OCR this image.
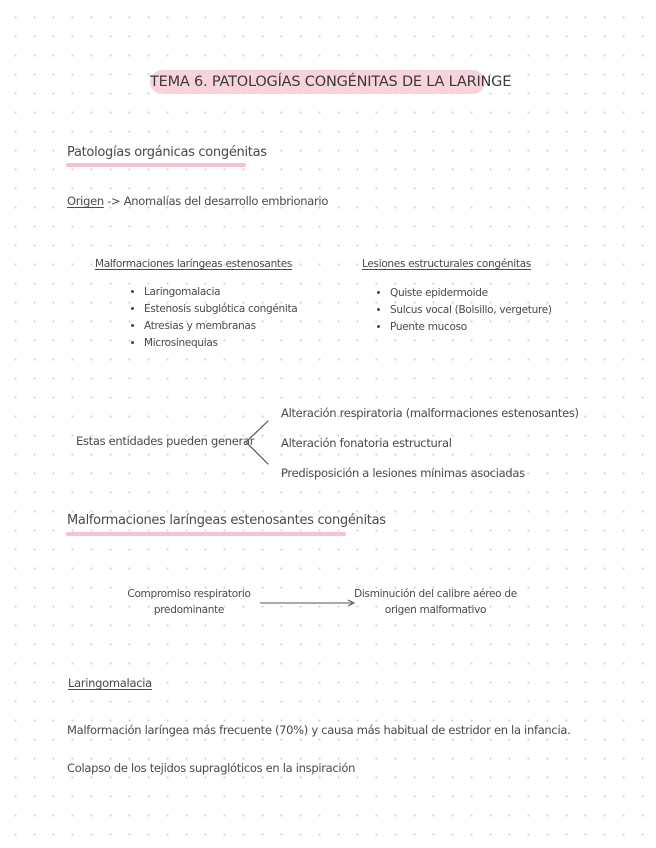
TEMA 6. PATOLOGÍAS CONGÉNITAS DE LA LARINGE
Patologías orgánicas congénitas
Origen -> Anomalías del desarrollo embrionario
Malformaciones laríngeas estenosantes
• Laringomalacia
• Estenosis subglótica congénita
• Atresias y membranas
• Microsinequias
Lesiones estructurales congénitas
• Quiste epidermoide
• Sulcus vocal (Bolsillo, vergeture)
• Puente mucoso
Estas entidades pueden generar
Alteración respiratoria (malformaciones estenosantes)
Alteración fonatoria estructural
Predisposición a lesiones mínimas asociadas
Malformaciones laríngeas estenosantes congénitas
Compromiso respiratorio
predominante
Disminución del calibre aéreo de
origen malformativo
Laringomalacia
Malformación laríngea más frecuente (70%) y causa más habitual de estridor en la infancia.
Colapso de los tejidos supraglóticos en la inspiración
